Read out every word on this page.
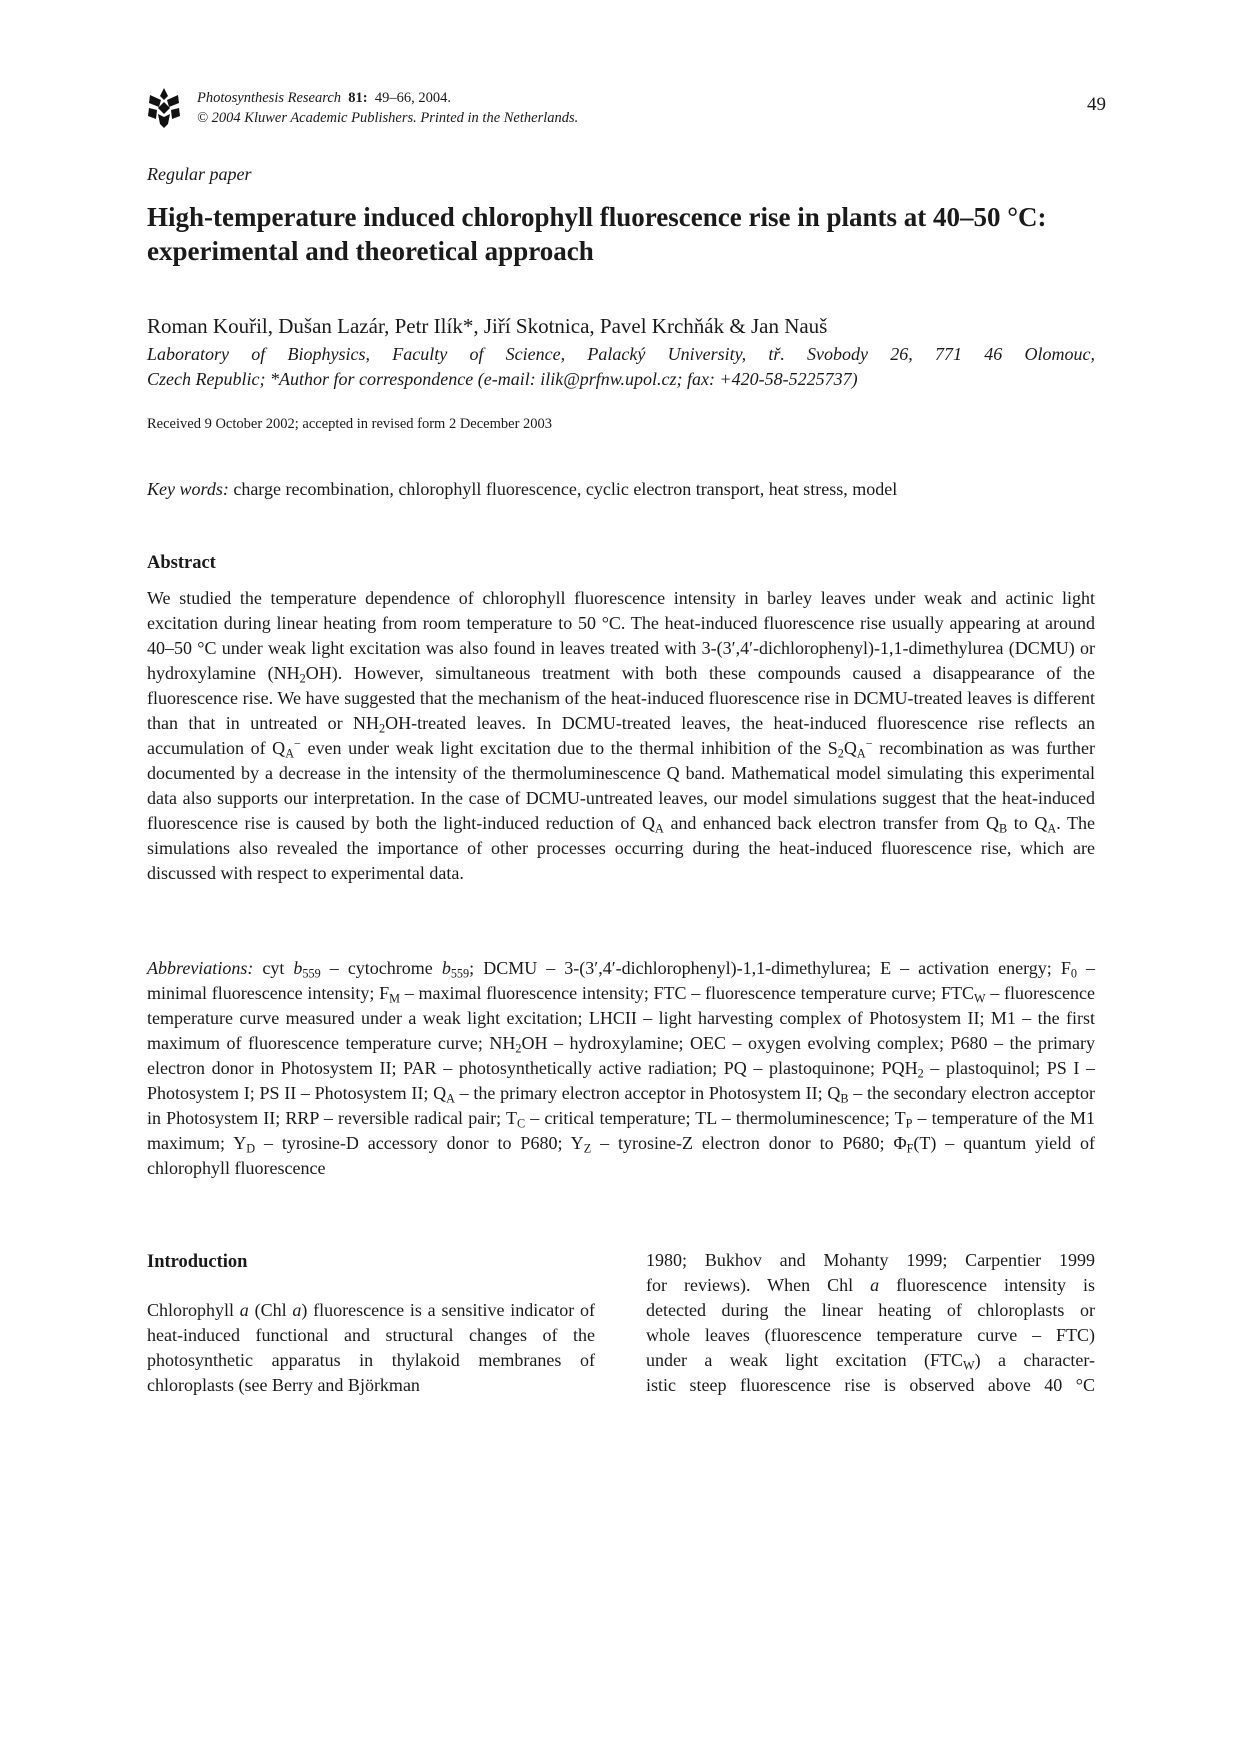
Photosynthesis Research 81: 49–66, 2004.
© 2004 Kluwer Academic Publishers. Printed in the Netherlands.
49
Regular paper
High-temperature induced chlorophyll fluorescence rise in plants at 40–50 °C: experimental and theoretical approach
Roman Kouřil, Dušan Lazár, Petr Ilík*, Jiří Skotnica, Pavel Krchňák & Jan Nauš
Laboratory of Biophysics, Faculty of Science, Palacký University, tř. Svobody 26, 771 46 Olomouc,
Czech Republic; *Author for correspondence (e-mail: ilik@prfnw.upol.cz; fax: +420-58-5225737)
Received 9 October 2002; accepted in revised form 2 December 2003
Key words: charge recombination, chlorophyll fluorescence, cyclic electron transport, heat stress, model
Abstract

We studied the temperature dependence of chlorophyll fluorescence intensity in barley leaves under weak and actinic light excitation during linear heating from room temperature to 50 °C. The heat-induced fluorescence rise usually appearing at around 40–50 °C under weak light excitation was also found in leaves treated with 3-(3′,4′-dichlorophenyl)-1,1-dimethylurea (DCMU) or hydroxylamine $(NH_2OH)$. However, simultaneous treatment with both these compounds caused a disappearance of the fluorescence rise. We have suggested that the mechanism of the heat-induced fluorescence rise in DCMU-treated leaves is different than that in untreated or $NH_2OH$-treated leaves. In DCMU-treated leaves, the heat-induced fluorescence rise reflects an accumulation of $Q_A^-$ even under weak light excitation due to the thermal inhibition of the $S_2Q_A^-$ recombination as was further documented by a decrease in the intensity of the thermoluminescence Q band. Mathematical model simulating this experimental data also supports our interpretation. In the case of DCMU-untreated leaves, our model simulations suggest that the heat-induced fluorescence rise is caused by both the light-induced reduction of $Q_A$ and enhanced back electron transfer from $Q_B$ to $Q_A$. The simulations also revealed the importance of other processes occurring during the heat-induced fluorescence rise, which are discussed with respect to experimental data.

Abbreviations: cyt $b_{559}$ – cytochrome $b_{559}$; DCMU – 3-(3′,4′-dichlorophenyl)-1,1-dimethylurea; E – activation energy; $F_0$ – minimal fluorescence intensity; $F_M$ – maximal fluorescence intensity; FTC – fluorescence temperature curve; $FTC_W$ – fluorescence temperature curve measured under a weak light excitation; LHCII – light harvesting complex of Photosystem II; M1 – the first maximum of fluorescence temperature curve; $NH_2OH$ – hydroxylamine; OEC – oxygen evolving complex; P680 – the primary electron donor in Photosystem II; PAR – photosynthetically active radiation; PQ – plastoquinone; $PQH_2$ – plastoquinol; PS I – Photosystem I; PS II – Photosystem II; $Q_A$ – the primary electron acceptor in Photosystem II; $Q_B$ – the secondary electron acceptor in Photosystem II; RRP – reversible radical pair; $T_C$ – critical temperature; TL – thermoluminescence; $T_P$ – temperature of the M1 maximum; $Y_D$ – tyrosine-D accessory donor to P680; $Y_Z$ – tyrosine-Z electron donor to P680; $\Phi_F(T)$ – quantum yield of chlorophyll fluorescence

Introduction

Chlorophyll a (Chl a) fluorescence is a sensitive indicator of heat-induced functional and structural changes of the photosynthetic apparatus in thylakoid membranes of chloroplasts (see Berry and Björkman

1980; Bukhov and Mohanty 1999; Carpentier 1999
for reviews). When Chl a fluorescence intensity is
detected during the linear heating of chloroplasts or
whole leaves (fluorescence temperature curve – FTC)
under a weak light excitation $(FTC_W)$ a character-
istic steep fluorescence rise is observed above 40 °C
